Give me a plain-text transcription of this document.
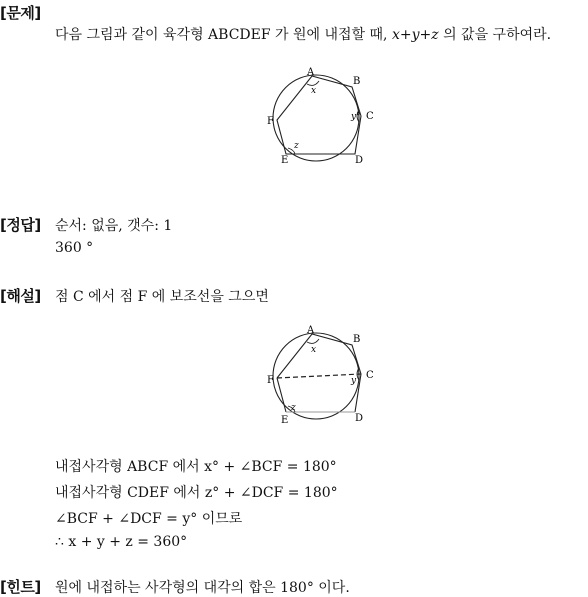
[문제]
다음 그림과 같이 육각형 ABCDEF 가 원에 내접할 때, x+y+z 의 값을 구하여라.
A
B
C
D
E
F
x
y°
z
[정답] 순서: 없음, 갯수: 1
360 °
[해설] 점 C 에서 점 F 에 보조선을 그으면
A
B
C
D
E
F
x
y
z
내접사각형 ABCF 에서 x° + ∠BCF = 180°
내접사각형 CDEF 에서 z° + ∠DCF = 180°
∠BCF + ∠DCF = y° 이므로
∴ x + y + z = 360°
[힌트] 원에 내접하는 사각형의 대각의 합은 180° 이다.
